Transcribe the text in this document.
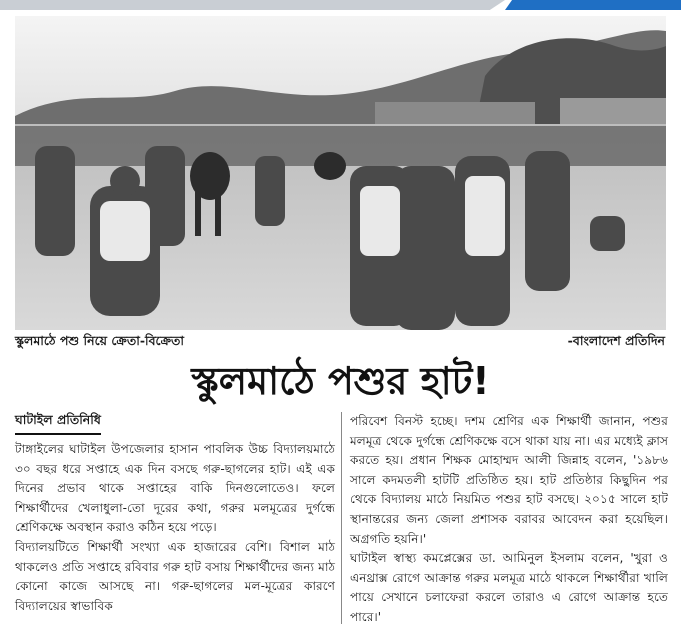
স্কুলমাঠে পশু নিয়ে ক্রেতা-বিক্রেতা	-বাংলাদেশ প্রতিদিন
স্কুলমাঠে পশুর হাট!
ঘাটাইল প্রতিনিধি

টাঙ্গাইলের ঘাটাইল উপজেলার হাসান পাবলিক উচ্চ বিদ্যালয়মাঠে ৩০ বছর ধরে সপ্তাহে এক দিন বসছে গরু-ছাগলের হাট। এই এক দিনের প্রভাব থাকে সপ্তাহের বাকি দিনগুলোতেও। ফলে শিক্ষার্থীদের খেলাধুলা-তো দূরের কথা, গরুর মলমূত্রের দুর্গন্ধে শ্রেণিকক্ষে অবস্থান করাও কঠিন হয়ে পড়ে।

বিদ্যালয়টিতে শিক্ষার্থী সংখ্যা এক হাজারের বেশি। বিশাল মাঠ থাকলেও প্রতি সপ্তাহে রবিবার গরু হাট বসায় শিক্ষার্থীদের জন্য মাঠ কোনো কাজে আসছে না। গরু-ছাগলের মল-মূত্রের কারণে বিদ্যালয়ের স্বাভাবিক

পরিবেশ বিনস্ট হচ্ছে। দশম শ্রেণির এক শিক্ষার্থী জানান, পশুর মলমূত্র থেকে দুর্গন্ধে শ্রেণিকক্ষে বসে থাকা যায় না। এর মধ্যেই ক্লাস করতে হয়। প্রধান শিক্ষক মোহাম্মদ আলী জিন্নাহ বলেন, '১৯৮৬ সালে কদমতলী হাটটি প্রতিষ্ঠিত হয়। হাট প্রতিষ্ঠার কিছুদিন পর থেকে বিদ্যালয় মাঠে নিয়মিত পশুর হাট বসছে। ২০১৫ সালে হাট স্থানান্তরের জন্য জেলা প্রশাসক বরাবর আবেদন করা হয়েছিল। অগ্রগতি হয়নি।'

ঘাটাইল স্বাস্থ্য কমপ্লেক্সের ডা. আমিনুল ইসলাম বলেন, 'খুরা ও এনথ্রাক্স রোগে আক্রান্ত গরুর মলমূত্র মাঠে থাকলে শিক্ষার্থীরা খালি পায়ে সেখানে চলাফেরা করলে তারাও এ রোগে আক্রান্ত হতে পারে।'
